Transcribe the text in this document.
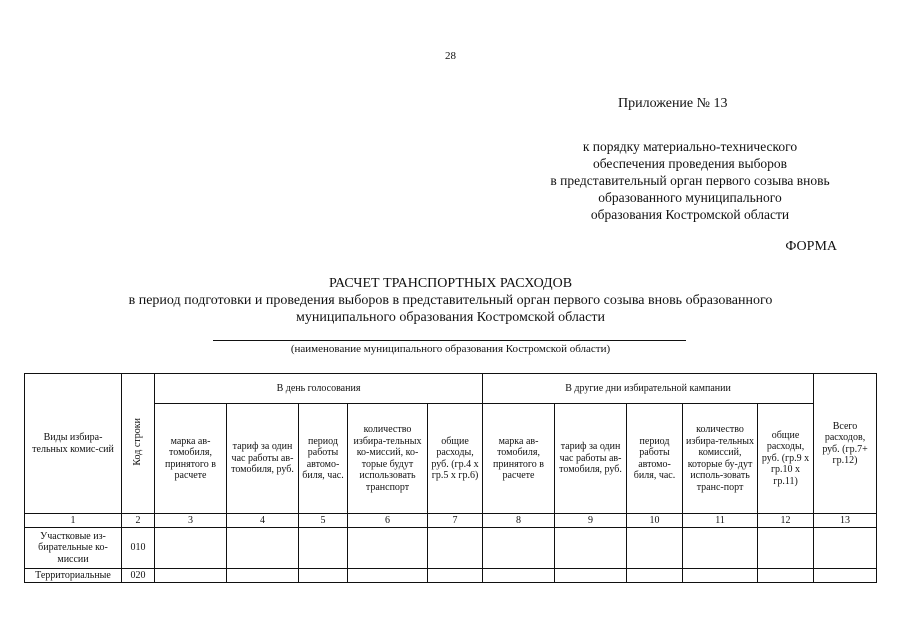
28
Приложение № 13
к порядку материально-технического
обеспечения проведения выборов
в представительный орган первого созыва вновь
образованного муниципального
образования Костромской области
ФОРМА
РАСЧЕТ ТРАНСПОРТНЫХ РАСХОДОВ
в период подготовки и проведения выборов в представительный орган первого созыва вновь образованного
муниципального образования Костромской области
(наименование муниципального образования Костромской области)
Виды избира-тельных комис-сий	Код строки	В день голосования					В другие дни избирательной кампании					Всего расходов, руб. (гр.7+ гр.12)
		марка ав-томобиля, принятого в расчете	тариф за один час работы ав-томобиля, руб.	период работы автомо-биля, час.	количество избира-тельных ко-миссий, ко-торые будут использовать транспорт	общие расходы, руб. (гр.4 х гр.5 х гр.6)	марка ав-томобиля, принятого в расчете	тариф за один час работы ав-томобиля, руб.	период работы автомо-биля, час.	количество избира-тельных комиссий, которые бу-дут исполь-зовать транс-порт	общие расходы, руб. (гр.9 х гр.10 х гр.11)	
1	2	3	4	5	6	7	8	9	10	11	12	13
Участковые из-бирательные ко-миссии	010											
Территориальные	020											
